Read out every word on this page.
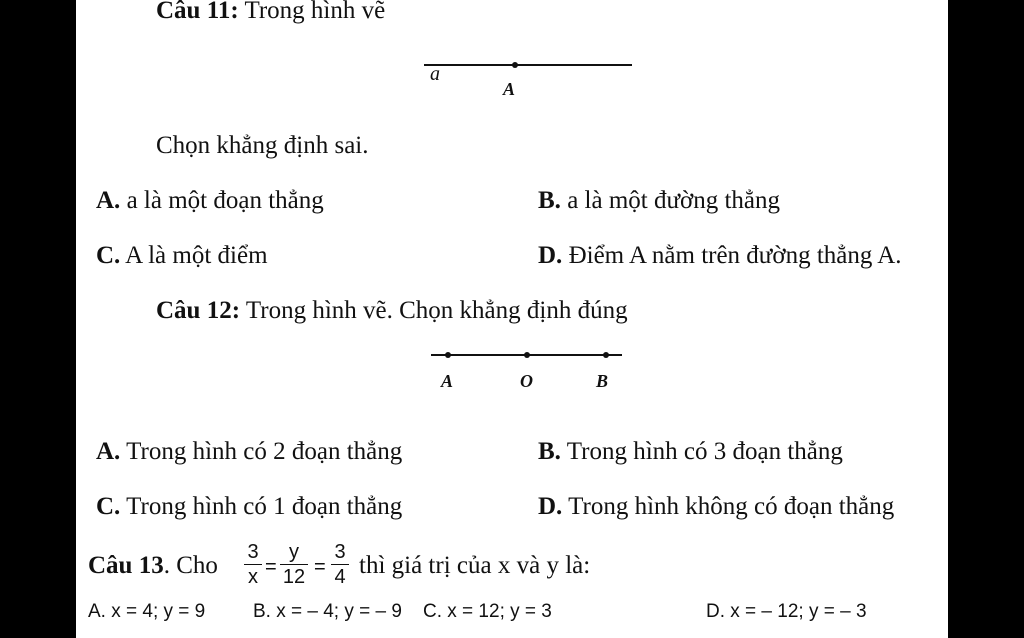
Câu 11: Trong hình vẽ
a
A
Chọn khẳng định sai.
A. a là một đoạn thẳng	B. a là một đường thẳng
C. A là một điểm	D. Điểm A nằm trên đường thẳng A.
Câu 12: Trong hình vẽ. Chọn khẳng định đúng
A	O	B
A. Trong hình có 2 đoạn thẳng	B. Trong hình có 3 đoạn thẳng
C. Trong hình có 1 đoạn thẳng	D. Trong hình không có đoạn thẳng
Câu 13. Cho 3
x =
y
12 =
3
4 thì giá trị của x và y là:
A. x = 4; y = 9	B. x = – 4; y = – 9 C. x = 12; y = 3	D. x = – 12; y = – 3
